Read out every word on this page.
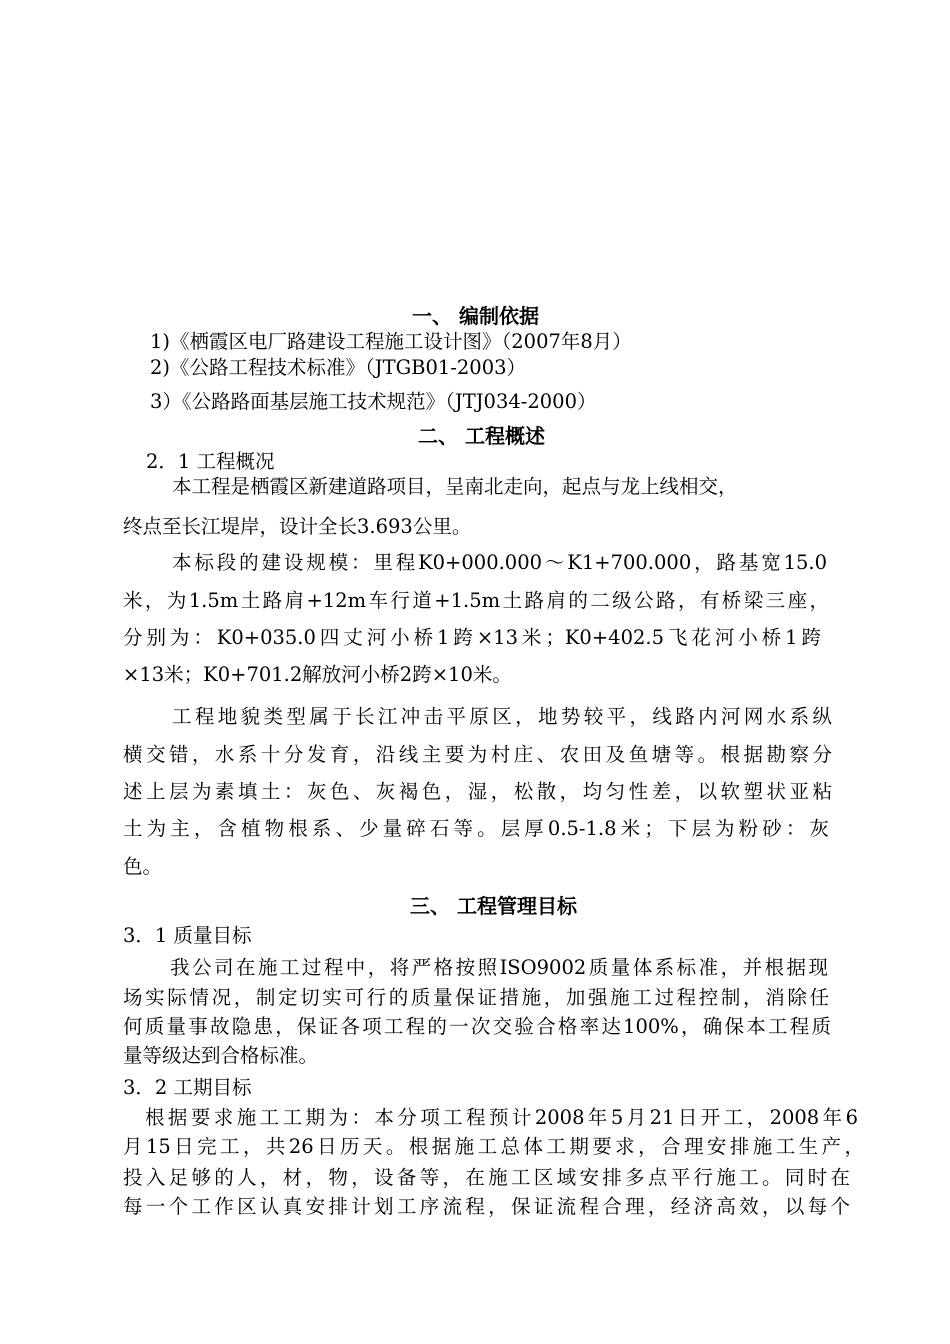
一、 编制依据
1)《栖霞区电厂路建设工程施工设计图》（2007年8月）
2)《公路工程技术标准》（JTGB01-2003）
3）《公路路面基层施工技术规范》（JTJ034-2000）
二、 工程概述
2．1 工程概况
本工程是栖霞区新建道路项目，呈南北走向，起点与龙上线相交，
终点至长江堤岸，设计全长3.693公里。
本标段的建设规模：里程K0+000.000～K1+700.000，路基宽15.0
米，为1.5m土路肩+12m车行道+1.5m土路肩的二级公路，有桥梁三座，
分别为：K0+035.0四丈河小桥1跨×13米；K0+402.5飞花河小桥1跨
×13米；K0+701.2解放河小桥2跨×10米。
工程地貌类型属于长江冲击平原区，地势较平，线路内河网水系纵
横交错，水系十分发育，沿线主要为村庄、农田及鱼塘等。根据勘察分
述上层为素填土：灰色、灰褐色，湿，松散，均匀性差，以软塑状亚粘
土为主，含植物根系、少量碎石等。层厚0.5-1.8米；下层为粉砂：灰
色。
三、 工程管理目标
3．1 质量目标
我公司在施工过程中，将严格按照ISO9002质量体系标准，并根据现
场实际情况，制定切实可行的质量保证措施，加强施工过程控制，消除任
何质量事故隐患，保证各项工程的一次交验合格率达100%，确保本工程质
量等级达到合格标准。
3．2 工期目标
根据要求施工工期为：本分项工程预计2008年5月21日开工，2008年6
月15日完工，共26日历天。根据施工总体工期要求，合理安排施工生产，
投入足够的人，材，物，设备等，在施工区域安排多点平行施工。同时在
每一个工作区认真安排计划工序流程，保证流程合理，经济高效，以每个
